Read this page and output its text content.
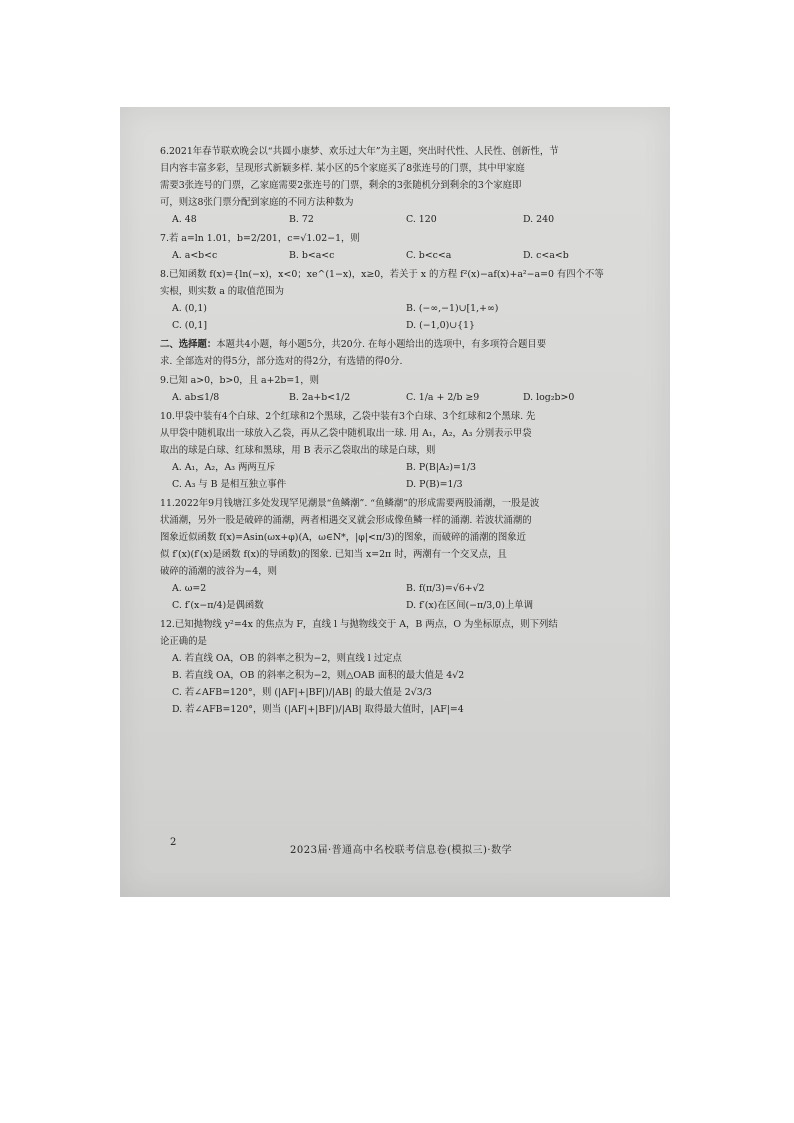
6.2021年春节联欢晚会以“共圆小康梦、欢乐过大年”为主题，突出时代性、人民性、创新性，节
目内容丰富多彩，呈现形式新颖多样. 某小区的5个家庭买了8张连号的门票，其中甲家庭
需要3张连号的门票，乙家庭需要2张连号的门票，剩余的3张随机分到剩余的3个家庭即
可，则这8张门票分配到家庭的不同方法种数为
A. 48	B. 72	C. 120	D. 240
7.若 a=ln 1.01，b=2/201，c=√1.02−1，则
A. a<b<c	B. b<a<c	C. b<c<a	D. c<a<b
8.已知函数 f(x)={ln(−x)，x<0；xe^(1−x)，x≥0，若关于 x 的方程 f²(x)−af(x)+a²−a=0 有四个不等
实根，则实数 a 的取值范围为
A. (0,1)	B. (−∞,−1)∪[1,+∞)
C. (0,1]	D. (−1,0)∪{1}
二、选择题：本题共4小题，每小题5分，共20分. 在每小题给出的选项中，有多项符合题目要
求. 全部选对的得5分，部分选对的得2分，有选错的得0分.
9.已知 a>0，b>0，且 a+2b=1，则
A. ab≤1/8	B. 2a+b<1/2	C. 1/a + 2/b ≥9	D. log₂b>0
10.甲袋中装有4个白球、2个红球和2个黑球，乙袋中装有3个白球、3个红球和2个黑球. 先
从甲袋中随机取出一球放入乙袋，再从乙袋中随机取出一球. 用 A₁，A₂，A₃ 分别表示甲袋
取出的球是白球、红球和黑球，用 B 表示乙袋取出的球是白球，则
A. A₁，A₂，A₃ 两两互斥	B. P(B|A₂)=1/3
C. A₃ 与 B 是相互独立事件	D. P(B)=1/3
11.2022年9月钱塘江多处发现罕见潮景“鱼鳞潮”. “鱼鳞潮”的形成需要两股涌潮，一股是波
状涌潮，另外一股是破碎的涌潮，两者相遇交叉就会形成像鱼鳞一样的涌潮. 若波状涌潮的
图象近似函数 f(x)=Asin(ωx+φ)(A，ω∈N*，|φ|<π/3)的图象，而破碎的涌潮的图象近
似 f′(x)(f′(x)是函数 f(x)的导函数)的图象. 已知当 x=2π 时，两潮有一个交叉点，且
破碎的涌潮的波谷为−4，则
A. ω=2	B. f(π/3)=√6+√2
C. f′(x−π/4)是偶函数	D. f′(x)在区间(−π/3,0)上单调
12.已知抛物线 y²=4x 的焦点为 F，直线 l 与抛物线交于 A，B 两点，O 为坐标原点，则下列结
论正确的是
A. 若直线 OA，OB 的斜率之积为−2，则直线 l 过定点
B. 若直线 OA，OB 的斜率之积为−2，则△OAB 面积的最大值是 4√2
C. 若∠AFB=120°，则 (|AF|+|BF|)/|AB| 的最大值是 2√3/3
D. 若∠AFB=120°，则当 (|AF|+|BF|)/|AB| 取得最大值时，|AF|=4
2
2023届·普通高中名校联考信息卷(模拟三)·数学
